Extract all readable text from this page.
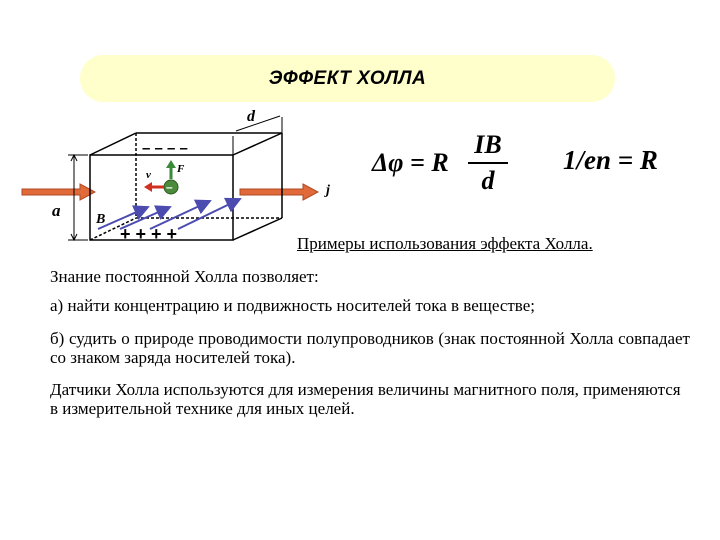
ЭФФЕКТ ХОЛЛА
a
d
– – – –
+ + + +
–
F
v
B
j
Δφ = R
IB
d
1/en = R
Примеры использования эффекта Холла.
Знание постоянной Холла позволяет:
а) найти концентрацию и подвижность носителей тока в веществе;
б) судить о природе проводимости полупроводников (знак постоянной Холла совпадает со знаком заряда носителей тока).
Датчики Холла используются для измерения величины магнитного поля, применяются в измерительной технике для иных целей.
